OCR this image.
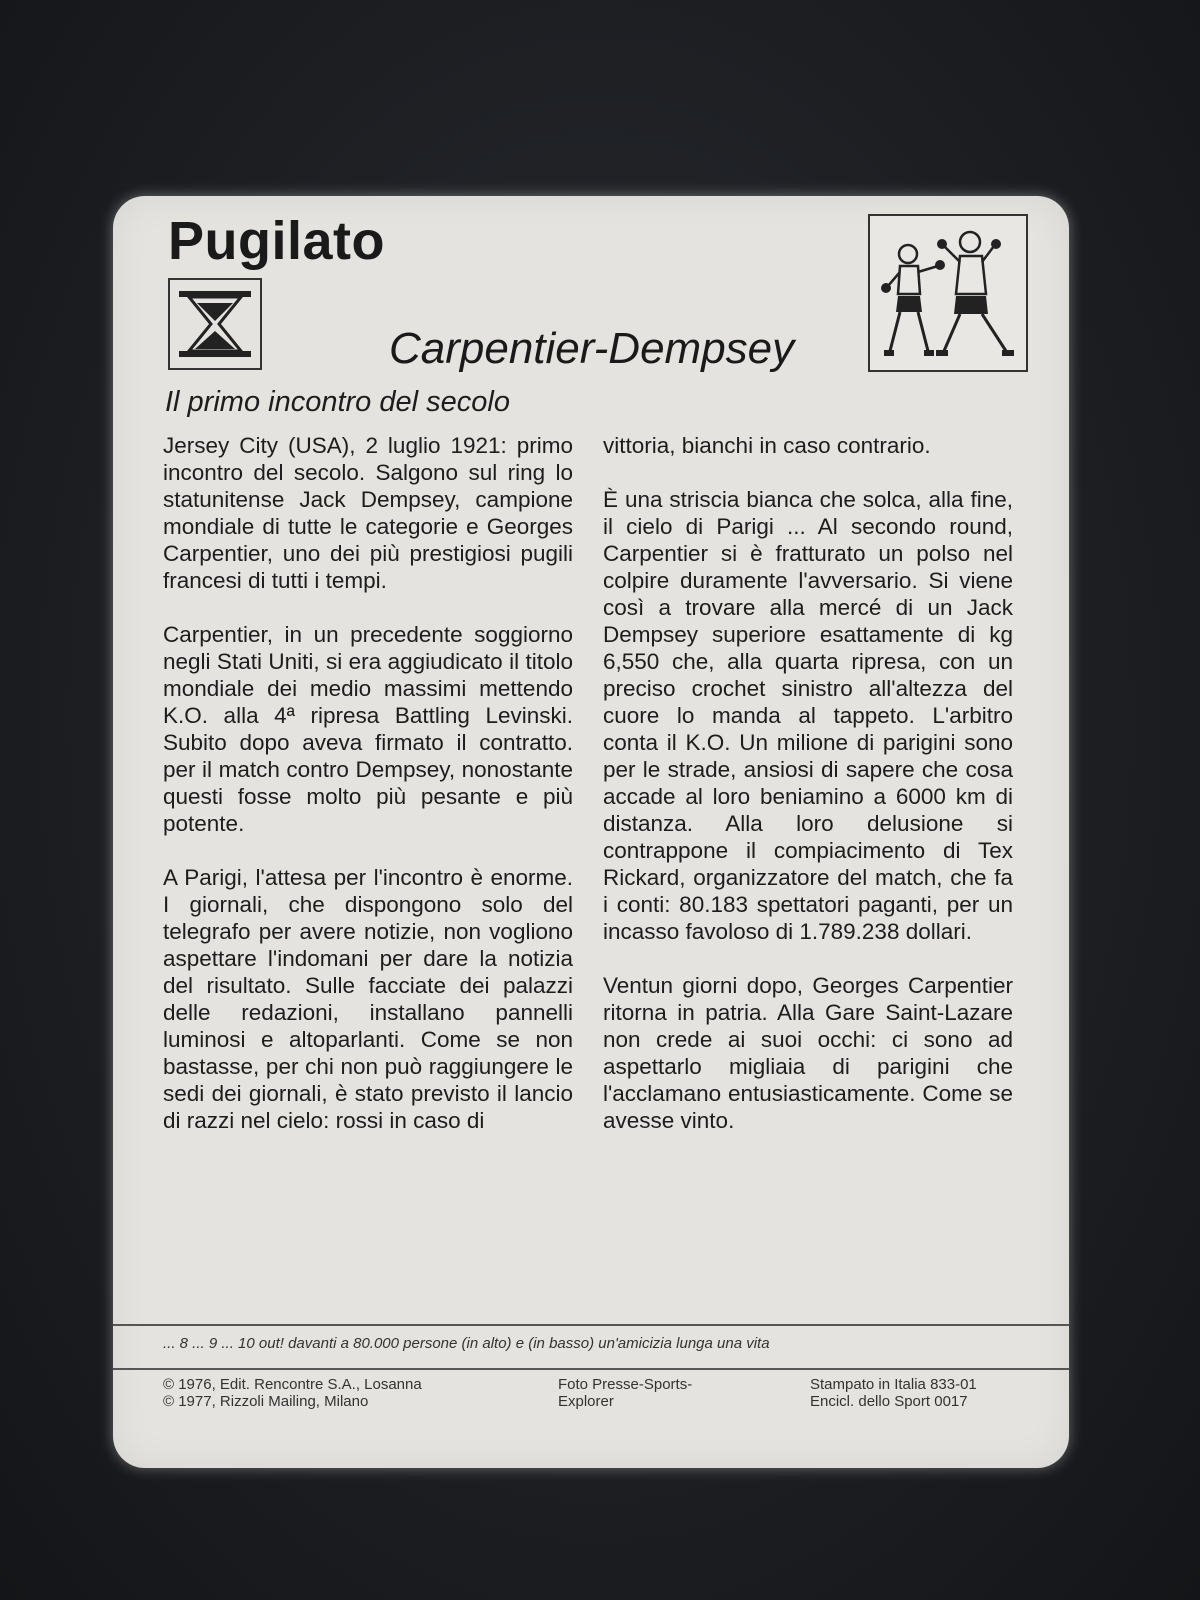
Pugilato
Carpentier-Dempsey
Il primo incontro del secolo

Jersey City (USA), 2 luglio 1921: primo incontro del secolo. Salgono sul ring lo statunitense Jack Dempsey, campione mondiale di tutte le categorie e Georges Carpentier, uno dei più prestigiosi pugili francesi di tutti i tempi.

Carpentier, in un precedente soggiorno negli Stati Uniti, si era aggiudicato il titolo mondiale dei medio massimi mettendo K.O. alla 4ª ripresa Battling Levinski. Subito dopo aveva firmato il contratto. per il match contro Dempsey, nonostante questi fosse molto più pesante e più potente.

A Parigi, l'attesa per l'incontro è enorme. I giornali, che dispongono solo del telegrafo per avere notizie, non vogliono aspettare l'indomani per dare la notizia del risultato. Sulle facciate dei palazzi delle redazioni, installano pannelli luminosi e altoparlanti. Come se non bastasse, per chi non può raggiungere le sedi dei giornali, è stato previsto il lancio di razzi nel cielo: rossi in caso di

vittoria, bianchi in caso contrario.

È una striscia bianca che solca, alla fine, il cielo di Parigi ... Al secondo round, Carpentier si è fratturato un polso nel colpire duramente l'avversario. Si viene così a trovare alla mercé di un Jack Dempsey superiore esattamente di kg 6,550 che, alla quarta ripresa, con un preciso crochet sinistro all'altezza del cuore lo manda al tappeto. L'arbitro conta il K.O. Un milione di parigini sono per le strade, ansiosi di sapere che cosa accade al loro beniamino a 6000 km di distanza. Alla loro delusione si contrappone il compiacimento di Tex Rickard, organizzatore del match, che fa i conti: 80.183 spettatori paganti, per un incasso favoloso di 1.789.238 dollari.

Ventun giorni dopo, Georges Carpentier ritorna in patria. Alla Gare Saint-Lazare non crede ai suoi occhi: ci sono ad aspettarlo migliaia di parigini che l'acclamano entusiasticamente. Come se avesse vinto.

... 8 ... 9 ... 10 out! davanti a 80.000 persone (in alto) e (in basso) un'amicizia lunga una vita
© 1976, Edit. Rencontre S.A., Losanna
© 1977, Rizzoli Mailing, Milano
Foto Presse-Sports-
Explorer
Stampato in Italia 833-01
Encicl. dello Sport 0017
